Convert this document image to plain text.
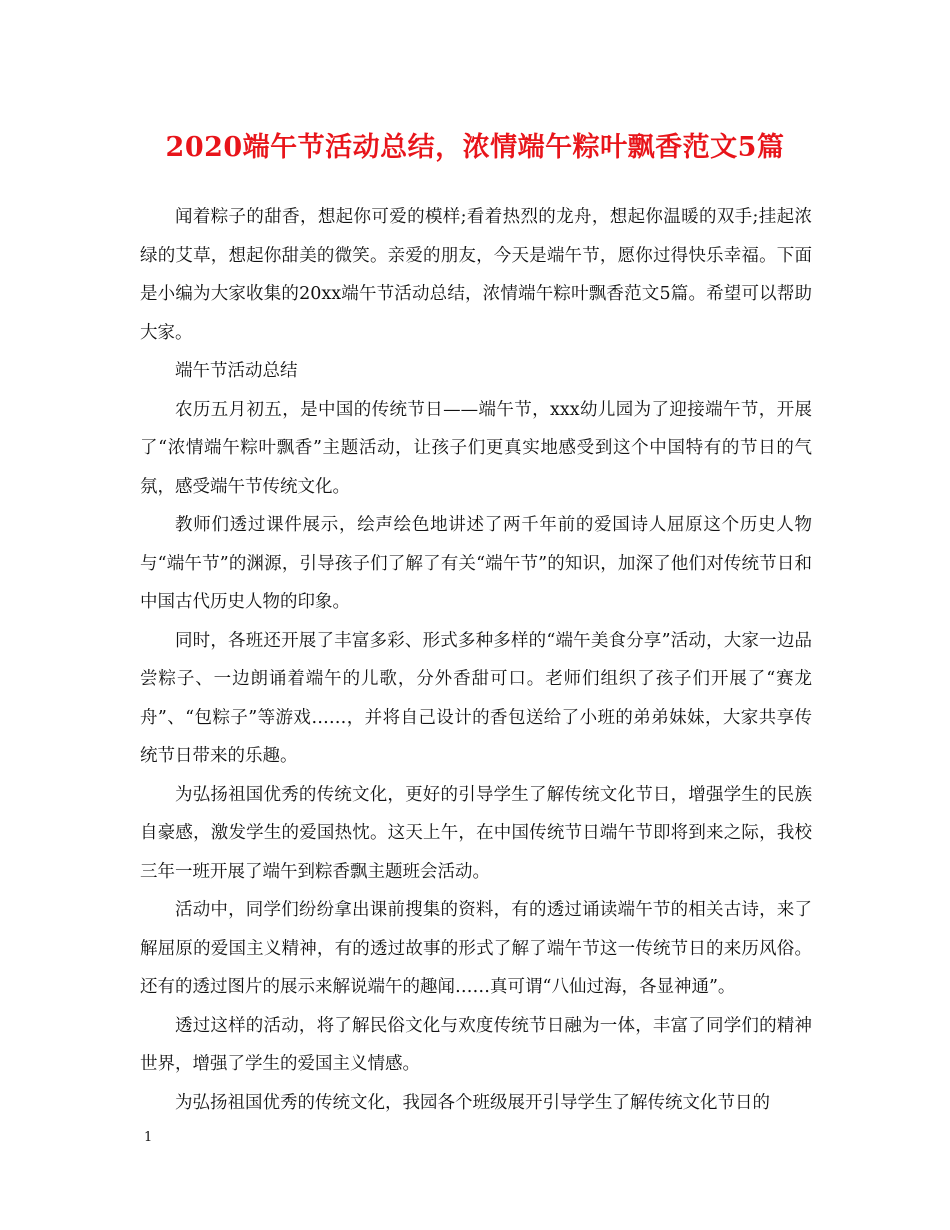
2020端午节活动总结，浓情端午粽叶飘香范文5篇

闻着粽子的甜香，想起你可爱的模样;看着热烈的龙舟，想起你温暖的双手;挂起浓绿的艾草，想起你甜美的微笑。亲爱的朋友，今天是端午节，愿你过得快乐幸福。下面是小编为大家收集的20xx端午节活动总结，浓情端午粽叶飘香范文5篇。希望可以帮助大家。

端午节活动总结

农历五月初五，是中国的传统节日——端午节，xxx幼儿园为了迎接端午节，开展了“浓情端午粽叶飘香”主题活动，让孩子们更真实地感受到这个中国特有的节日的气氛，感受端午节传统文化。

教师们透过课件展示，绘声绘色地讲述了两千年前的爱国诗人屈原这个历史人物与“端午节”的渊源，引导孩子们了解了有关“端午节”的知识，加深了他们对传统节日和中国古代历史人物的印象。

同时，各班还开展了丰富多彩、形式多种多样的“端午美食分享”活动，大家一边品尝粽子、一边朗诵着端午的儿歌，分外香甜可口。老师们组织了孩子们开展了“赛龙舟”、“包粽子”等游戏……，并将自己设计的香包送给了小班的弟弟妹妹，大家共享传统节日带来的乐趣。

为弘扬祖国优秀的传统文化，更好的引导学生了解传统文化节日，增强学生的民族自豪感，激发学生的爱国热忱。这天上午，在中国传统节日端午节即将到来之际，我校三年一班开展了端午到粽香飘主题班会活动。

活动中，同学们纷纷拿出课前搜集的资料，有的透过诵读端午节的相关古诗，来了解屈原的爱国主义精神，有的透过故事的形式了解了端午节这一传统节日的来历风俗。还有的透过图片的展示来解说端午的趣闻……真可谓“八仙过海，各显神通”。

透过这样的活动，将了解民俗文化与欢度传统节日融为一体，丰富了同学们的精神世界，增强了学生的爱国主义情感。

为弘扬祖国优秀的传统文化，我园各个班级展开引导学生了解传统文化节日的

1
